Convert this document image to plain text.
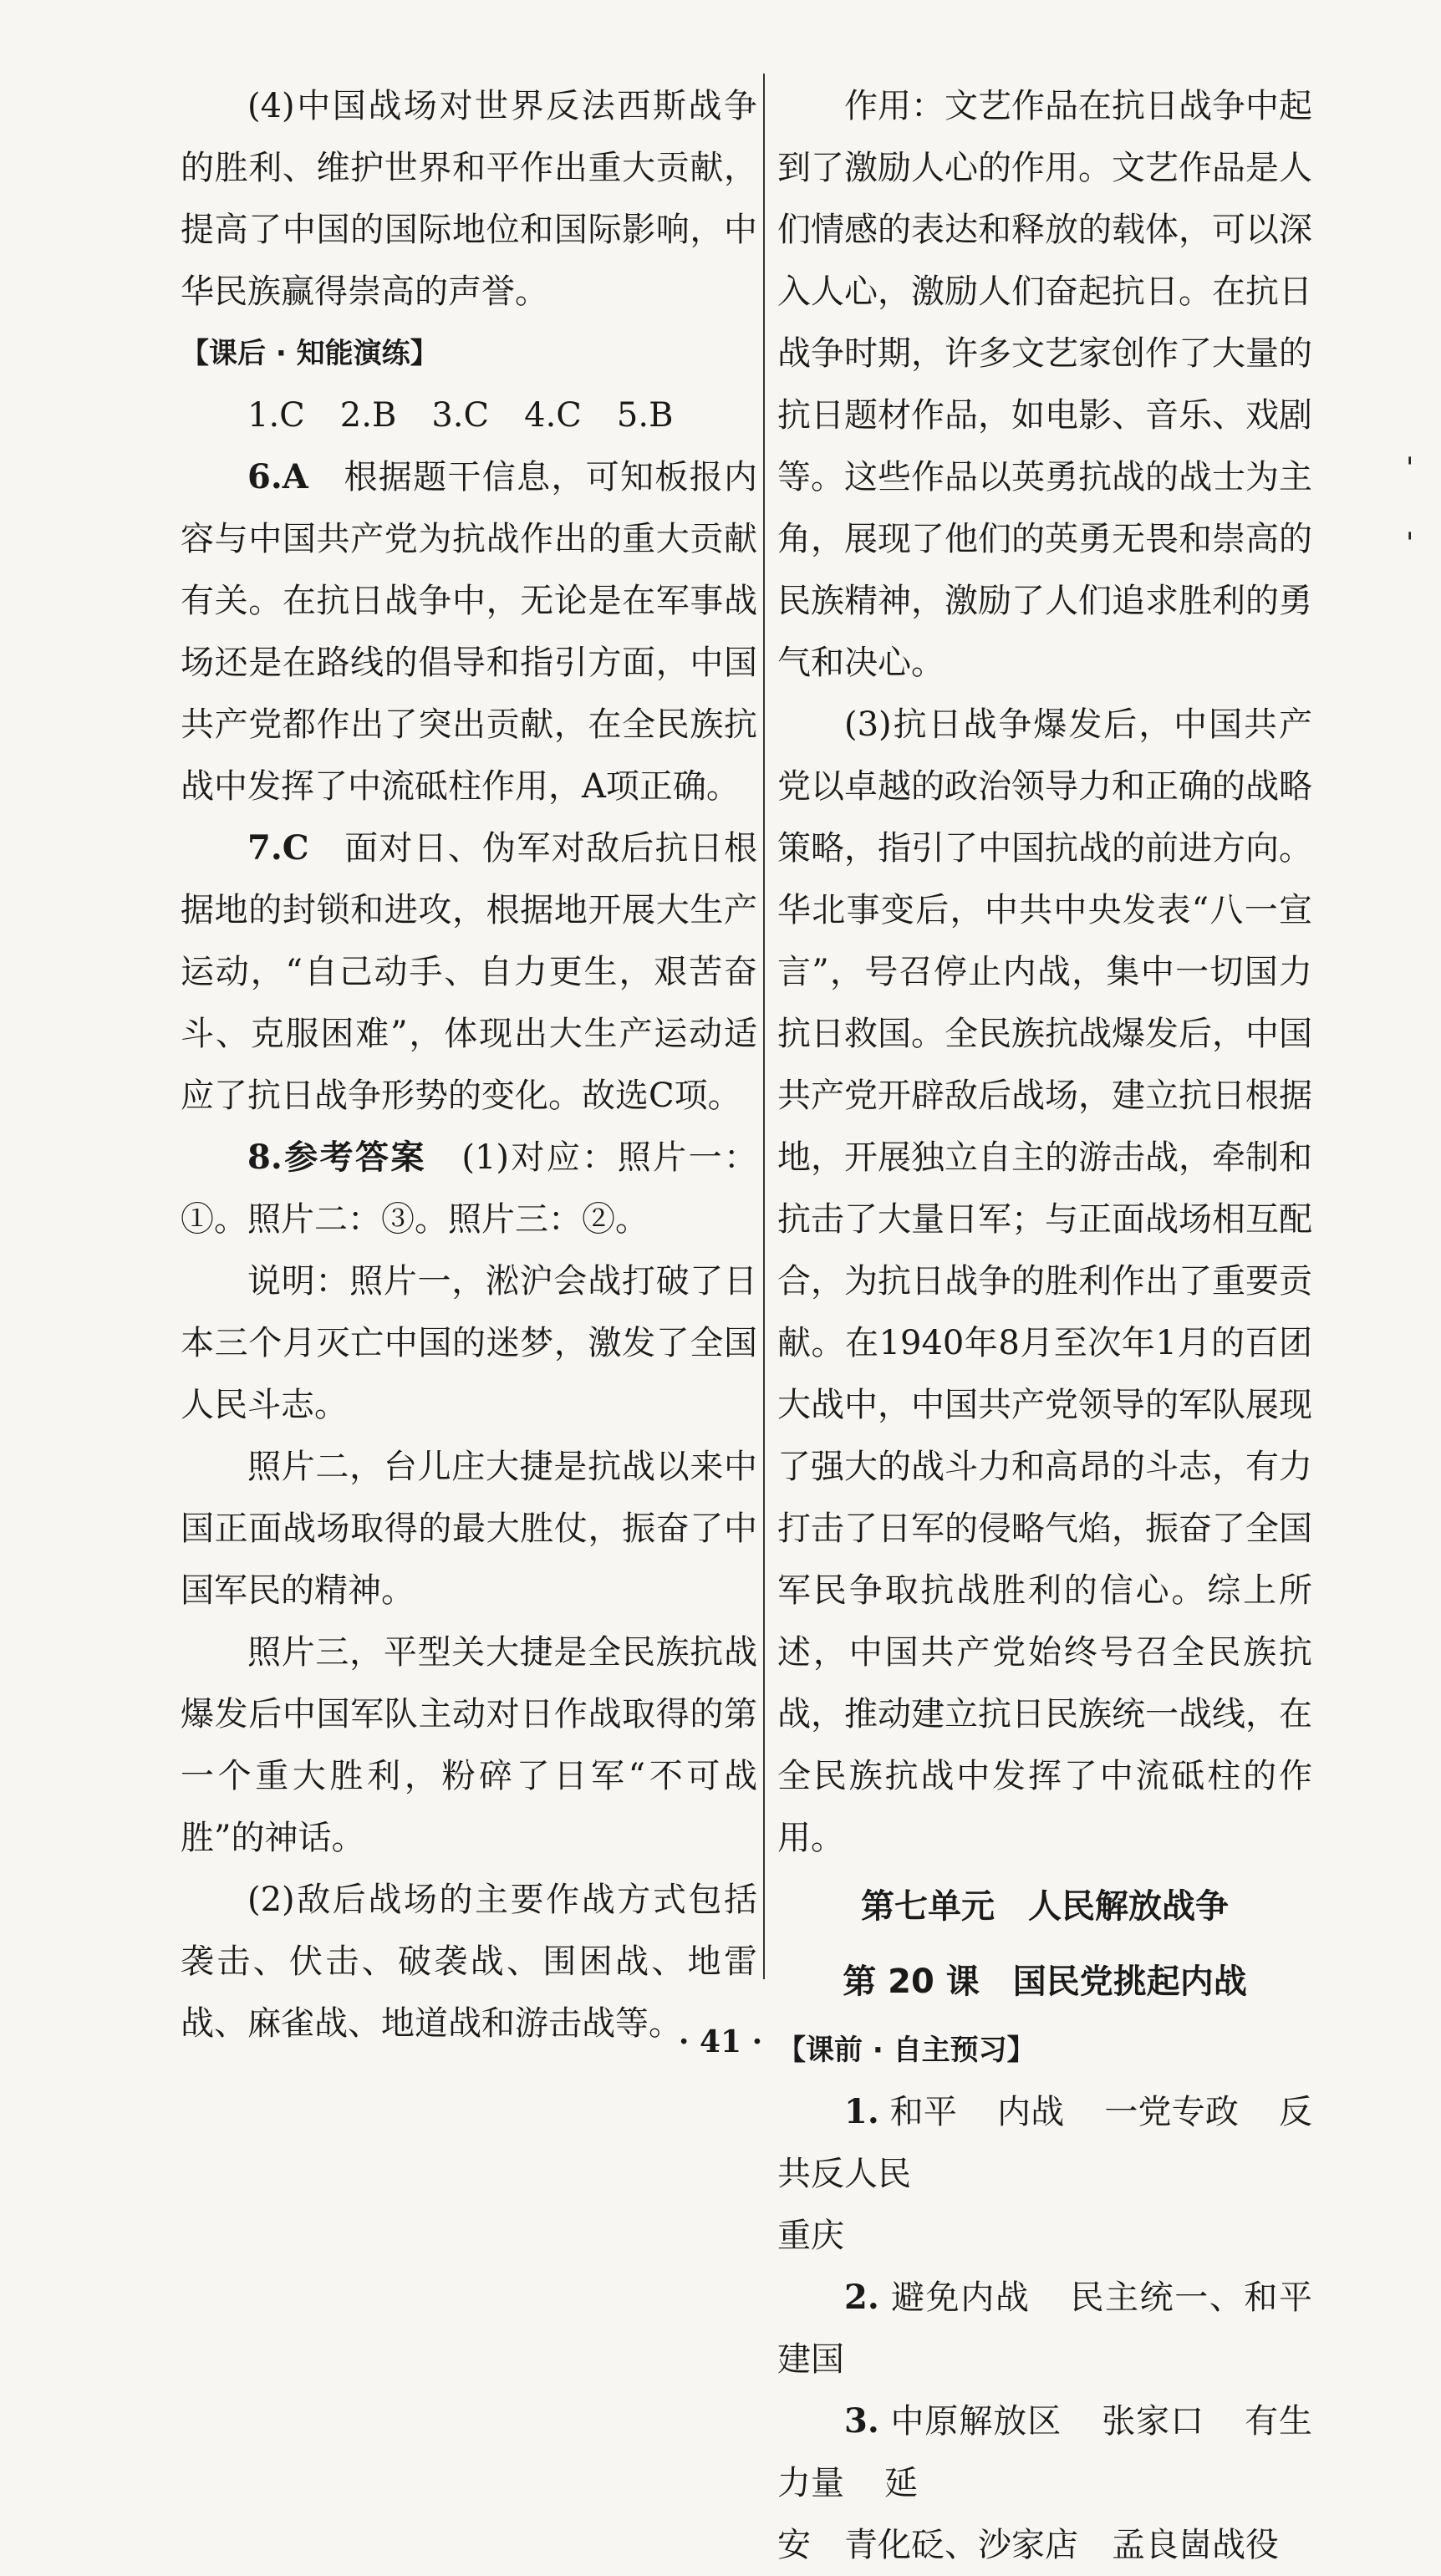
(4)中国战场对世界反法西斯战争的胜利、维护世界和平作出重大贡献，提高了中国的国际地位和国际影响，中华民族赢得崇高的声誉。

【课后 · 知能演练】

1.C 2.B 3.C 4.C 5.B

6.A　 根据题干信息，可知板报内容与中国共产党为抗战作出的重大贡献有关。在抗日战争中，无论是在军事战场还是在路线的倡导和指引方面，中国共产党都作出了突出贡献，在全民族抗战中发挥了中流砥柱作用，A项正确。

7.C　 面对日、伪军对敌后抗日根据地的封锁和进攻，根据地开展大生产运动，“自己动手、自力更生，艰苦奋斗、克服困难”，体现出大生产运动适应了抗日战争形势的变化。故选C项。

8.参考答案　 (1)对应：照片一：①。照片二：③。照片三：②。

说明：照片一，淞沪会战打破了日本三个月灭亡中国的迷梦，激发了全国人民斗志。

照片二，台儿庄大捷是抗战以来中国正面战场取得的最大胜仗，振奋了中国军民的精神。

照片三，平型关大捷是全民族抗战爆发后中国军队主动对日作战取得的第一个重大胜利，粉碎了日军“不可战胜”的神话。

(2)敌后战场的主要作战方式包括袭击、伏击、破袭战、围困战、地雷战、麻雀战、地道战和游击战等。

作用：文艺作品在抗日战争中起到了激励人心的作用。文艺作品是人们情感的表达和释放的载体，可以深入人心，激励人们奋起抗日。在抗日战争时期，许多文艺家创作了大量的抗日题材作品，如电影、音乐、戏剧等。这些作品以英勇抗战的战士为主角，展现了他们的英勇无畏和崇高的民族精神，激励了人们追求胜利的勇气和决心。

(3)抗日战争爆发后，中国共产党以卓越的政治领导力和正确的战略策略，指引了中国抗战的前进方向。华北事变后，中共中央发表“八一宣言”，号召停止内战，集中一切国力抗日救国。全民族抗战爆发后，中国共产党开辟敌后战场，建立抗日根据地，开展独立自主的游击战，牵制和抗击了大量日军；与正面战场相互配合，为抗日战争的胜利作出了重要贡献。在1940年8月至次年1月的百团大战中，中国共产党领导的军队展现了强大的战斗力和高昂的斗志，有力打击了日军的侵略气焰，振奋了全国军民争取抗战胜利的信心。综上所述，中国共产党始终号召全民族抗战，推动建立抗日民族统一战线，在全民族抗战中发挥了中流砥柱的作用。

第七单元　人民解放战争

第 20 课　国民党挑起内战

【课前 · 自主预习】

1. 和平 内战 一党专政 反共反人民

重庆

2. 避免内战 民主统一、和平建国

3. 中原解放区 张家口 有生力量 延

安　青化砭、沙家店　孟良崮战役

'
'
· 41 ·
